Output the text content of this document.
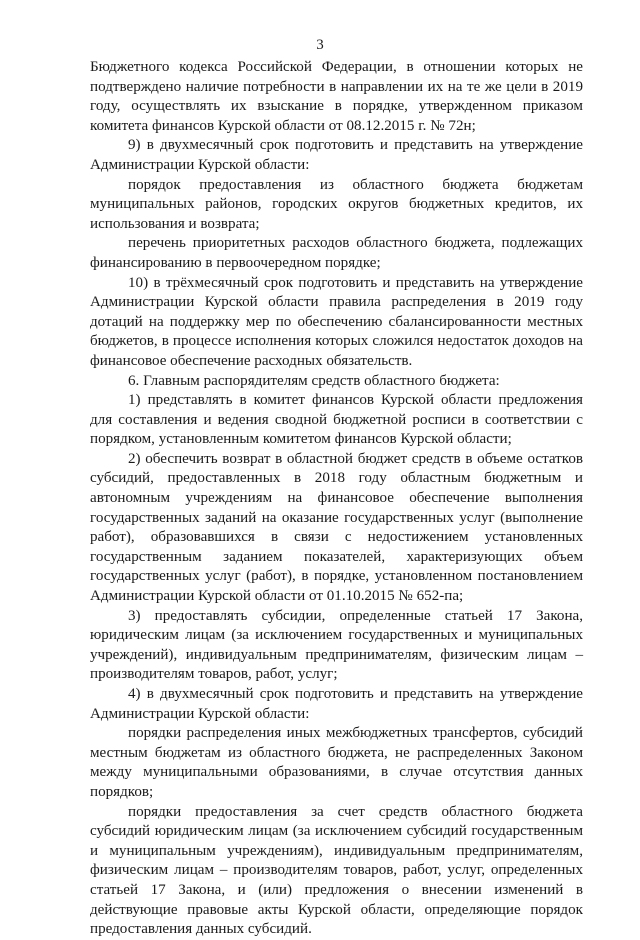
3

Бюджетного кодекса Российской Федерации, в отношении которых не подтверждено наличие потребности в направлении их на те же цели в 2019 году, осуществлять их взыскание в порядке, утвержденном приказом комитета финансов Курской области от 08.12.2015 г. № 72н;

9) в двухмесячный срок подготовить и представить на утверждение Администрации Курской области:

порядок предоставления из областного бюджета бюджетам муниципальных районов, городских округов бюджетных кредитов, их использования и возврата;

перечень приоритетных расходов областного бюджета, подлежащих финансированию в первоочередном порядке;

10) в трёхмесячный срок подготовить и представить на утверждение Администрации Курской области правила распределения в 2019 году дотаций на поддержку мер по обеспечению сбалансированности местных бюджетов, в процессе исполнения которых сложился недостаток доходов на финансовое обеспечение расходных обязательств.

6. Главным распорядителям средств областного бюджета:

1) представлять в комитет финансов Курской области предложения для составления и ведения сводной бюджетной росписи в соответствии с порядком, установленным комитетом финансов Курской области;

2) обеспечить возврат в областной бюджет средств в объеме остатков субсидий, предоставленных в 2018 году областным бюджетным и автономным учреждениям на финансовое обеспечение выполнения государственных заданий на оказание государственных услуг (выполнение работ), образовавшихся в связи с недостижением установленных государственным заданием показателей, характеризующих объем государственных услуг (работ), в порядке, установленном постановлением Администрации Курской области от 01.10.2015 № 652-па;

3) предоставлять субсидии, определенные статьей 17 Закона, юридическим лицам (за исключением государственных и муниципальных учреждений), индивидуальным предпринимателям, физическим лицам – производителям товаров, работ, услуг;

4) в двухмесячный срок подготовить и представить на утверждение Администрации Курской области:

порядки распределения иных межбюджетных трансфертов, субсидий местным бюджетам из областного бюджета, не распределенных Законом между муниципальными образованиями, в случае отсутствия данных порядков;

порядки предоставления за счет средств областного бюджета субсидий юридическим лицам (за исключением субсидий государственным и муниципальным учреждениям), индивидуальным предпринимателям, физическим лицам – производителям товаров, работ, услуг, определенных статьей 17 Закона, и (или) предложения о внесении изменений в действующие правовые акты Курской области, определяющие порядок предоставления данных субсидий.
